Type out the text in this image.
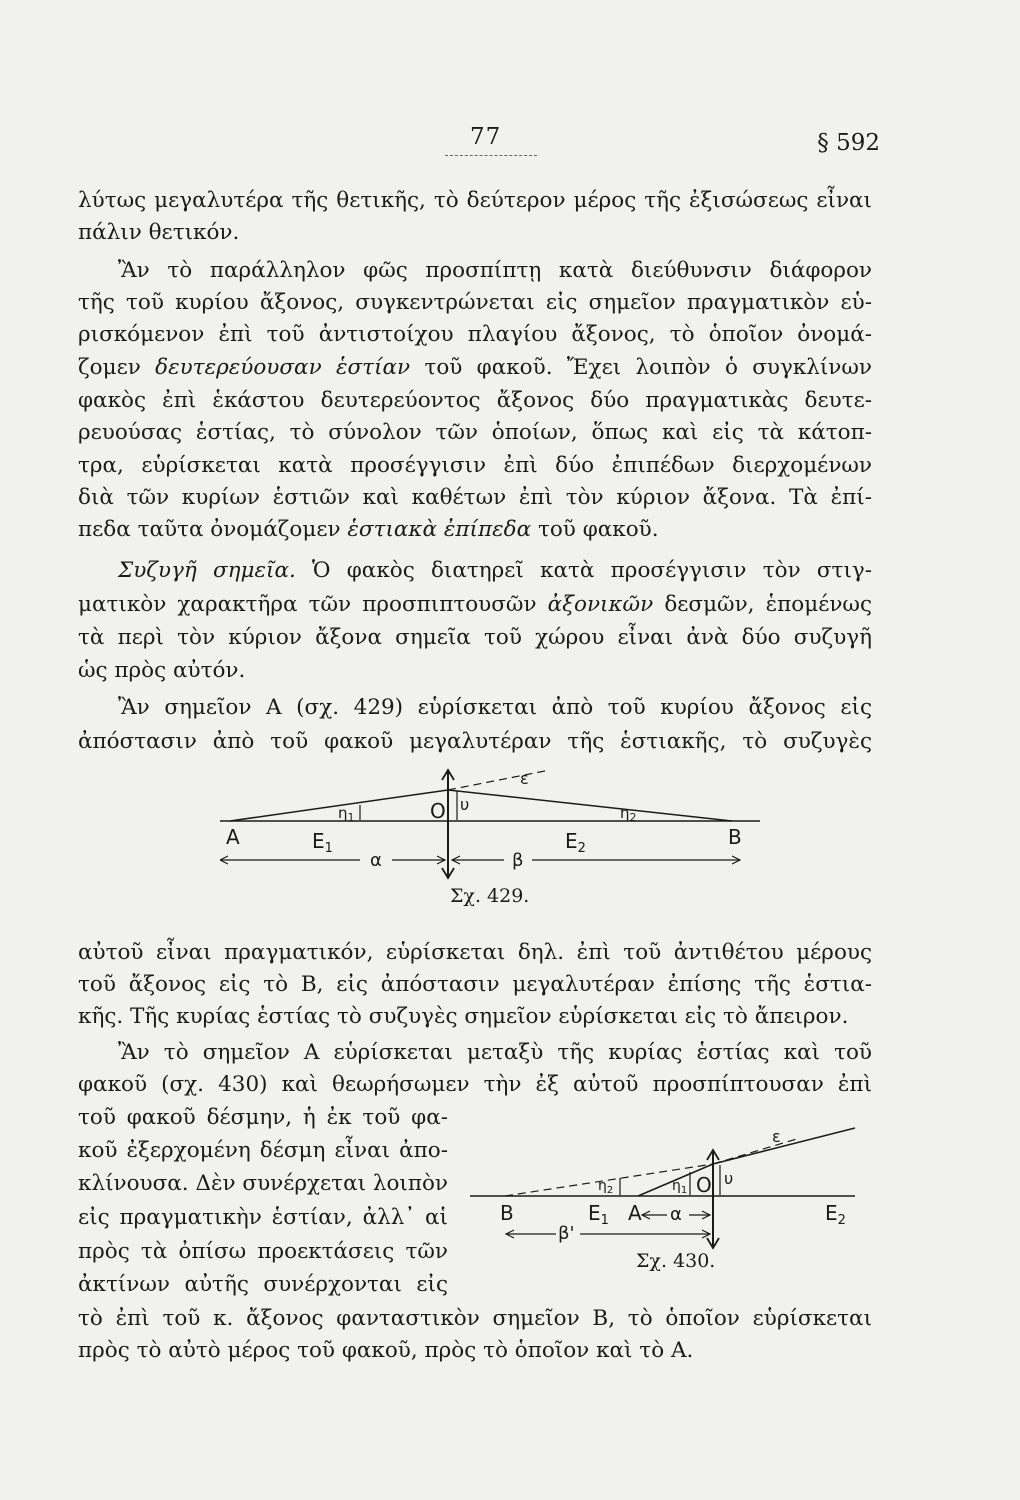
77	§ 592
λύτως μεγαλυτέρα τῆς θετικῆς, τὸ δεύτερον μέρος τῆς ἐξισώσεως εἶναι
πάλιν θετικόν.
Ἂν τὸ παράλληλον φῶς προσπίπτῃ κατὰ διεύθυνσιν διάφορον
τῆς τοῦ κυρίου ἄξονος, συγκεντρώνεται εἰς σημεῖον πραγματικὸν εὑ-
ρισκόμενον ἐπὶ τοῦ ἀντιστοίχου πλαγίου ἄξονος, τὸ ὁποῖον ὀνομά-
ζομεν δευτερεύουσαν ἑστίαν τοῦ φακοῦ. Ἔχει λοιπὸν ὁ συγκλίνων
φακὸς ἐπὶ ἑκάστου δευτερεύοντος ἄξονος δύο πραγματικὰς δευτε-
ρευούσας ἑστίας, τὸ σύνολον τῶν ὁποίων, ὅπως καὶ εἰς τὰ κάτοπ-
τρα, εὑρίσκεται κατὰ προσέγγισιν ἐπὶ δύο ἐπιπέδων διερχομένων
διὰ τῶν κυρίων ἑστιῶν καὶ καθέτων ἐπὶ τὸν κύριον ἄξονα. Τὰ ἐπί-
πεδα ταῦτα ὀνομάζομεν ἑστιακὰ ἐπίπεδα τοῦ φακοῦ.
Συζυγῆ σημεῖα. Ὁ φακὸς διατηρεῖ κατὰ προσέγγισιν τὸν στιγ-
ματικὸν χαρακτῆρα τῶν προσπιπτουσῶν ἀξονικῶν δεσμῶν, ἑπομένως
τὰ περὶ τὸν κύριον ἄξονα σημεῖα τοῦ χώρου εἶναι ἀνὰ δύο συζυγῆ
ὡς πρὸς αὐτόν.
Ἂν σημεῖον Α (σχ. 429) εὑρίσκεται ἀπὸ τοῦ κυρίου ἄξονος εἰς
ἀπόστασιν ἀπὸ τοῦ φακοῦ μεγαλυτέραν τῆς ἑστιακῆς, τὸ συζυγὲς
A	$E_1$
$\eta_1$	O υ
ε
$\eta_2$
$E_2$	B
α	β
Σχ. 429.
αὐτοῦ εἶναι πραγματικόν, εὑρίσκεται δηλ. ἐπὶ τοῦ ἀντιθέτου μέρους
τοῦ ἄξονος εἰς τὸ Β, εἰς ἀπόστασιν μεγαλυτέραν ἐπίσης τῆς ἑστια-
κῆς. Τῆς κυρίας ἑστίας τὸ συζυγὲς σημεῖον εὑρίσκεται εἰς τὸ ἄπειρον.
Ἂν τὸ σημεῖον Α εὑρίσκεται μεταξὺ τῆς κυρίας ἑστίας καὶ τοῦ
φακοῦ (σχ. 430) καὶ θεωρήσωμεν τὴν ἐξ αὐτοῦ προσπίπτουσαν ἐπὶ
τοῦ φακοῦ δέσμην, ἡ ἐκ τοῦ φα-
κοῦ ἐξερχομένη δέσμη εἶναι ἀπο-
κλίνουσα. Δὲν συνέρχεται λοιπὸν
εἰς πραγματικὴν ἑστίαν, ἀλλ᾽ αἱ
πρὸς τὰ ὀπίσω προεκτάσεις τῶν
ἀκτίνων αὐτῆς συνέρχονται εἰς
τὸ ἐπὶ τοῦ κ. ἄξονος φανταστικὸν σημεῖον Β, τὸ ὁποῖον εὑρίσκεται
πρὸς τὸ αὐτὸ μέρος τοῦ φακοῦ, πρὸς τὸ ὁποῖον καὶ τὸ Α.
B	$E_1$ A
$\eta_2$	$\eta_1$ O υ
ε
α
β'
$E_2$
Σχ. 430.
